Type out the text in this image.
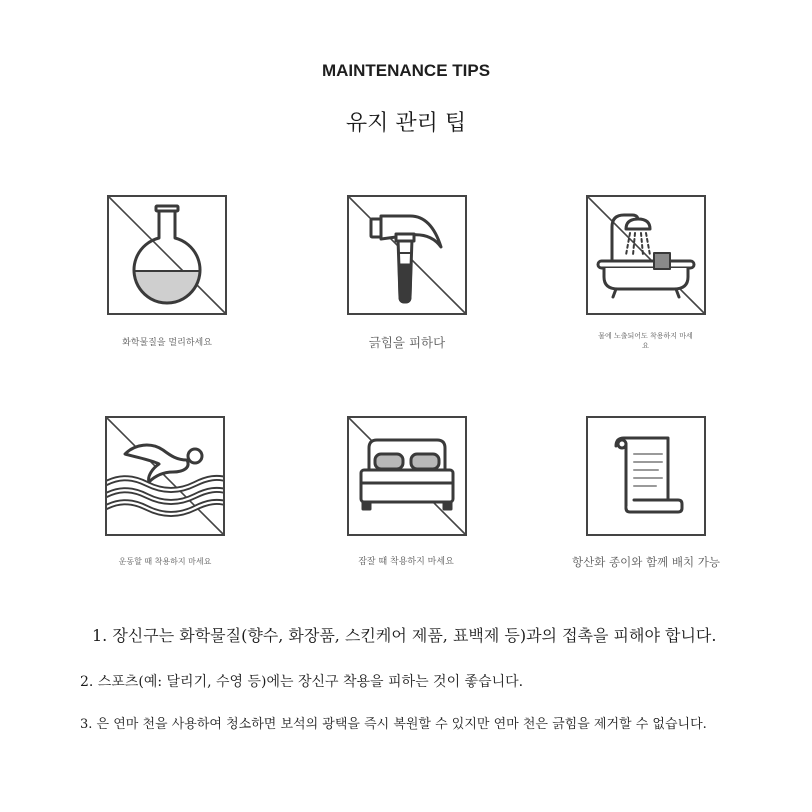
MAINTENANCE TIPS
유지 관리 팁
화학물질을 멀리하세요	긁힘을 피하다	물에 노출되어도 착용하지 마세요
운동할 때 착용하지 마세요	잠잘 때 착용하지 마세요	항산화 종이와 함께 배치 가능
1. 장신구는 화학물질(향수, 화장품, 스킨케어 제품, 표백제 등)과의 접촉을 피해야 합니다.
2. 스포츠(예: 달리기, 수영 등)에는 장신구 착용을 피하는 것이 좋습니다.
3. 은 연마 천을 사용하여 청소하면 보석의 광택을 즉시 복원할 수 있지만 연마 천은 긁힘을 제거할 수 없습니다.
